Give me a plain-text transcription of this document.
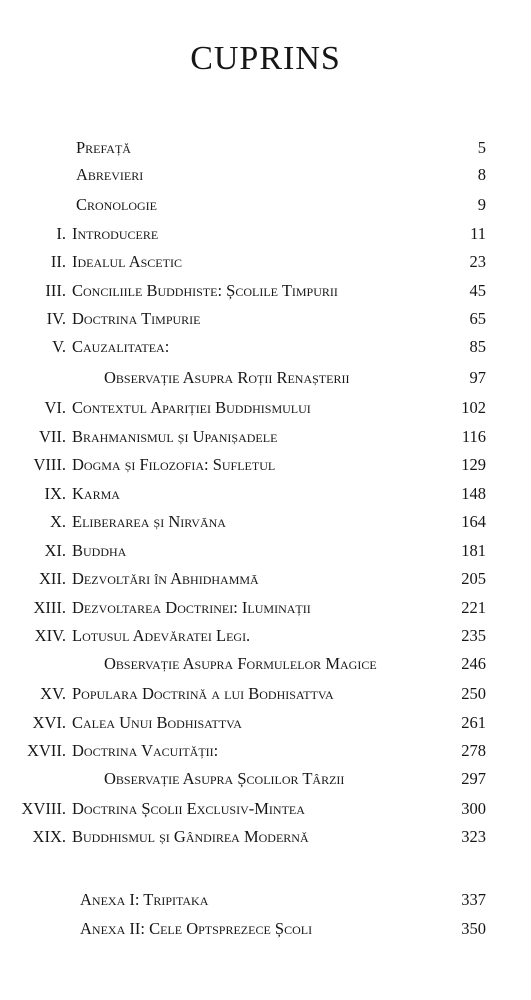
CUPRINS
Prefață	5
Abrevieri	8
Cronologie	9
I. Introducere	11
II. Idealul Ascetic	23
III. Conciliile Buddhiste: Școlile Timpurii	45
IV. Doctrina Timpurie	65
V. Cauzalitatea:	85
Observație Asupra Roții Renașterii	97
VI. Contextul Apariției Buddhismului	102
VII. Brahmanismul și Upanișadele	116
VIII. Dogma și Filozofia: Sufletul	129
IX. Karma	148
X. Eliberarea și Nirvāna	164
XI. Buddha	181
XII. Dezvoltări în Abhidhammā	205
XIII. Dezvoltarea Doctrinei: Iluminații	221
XIV. Lotusul Adevăratei Legi.	235
Observație Asupra Formulelor Magice	246
XV. Populara Doctrină a lui Bodhisattva	250
XVI. Calea Unui Bodhisattva	261
XVII. Doctrina Vacuității:	278
Observație Asupra Școlilor Târzii	297
XVIII. Doctrina Școlii Exclusiv-Mintea	300
XIX. Buddhismul și Gândirea Modernă	323
Anexa I: Tripitaka	337
Anexa II: Cele Optsprezece Școli	350
